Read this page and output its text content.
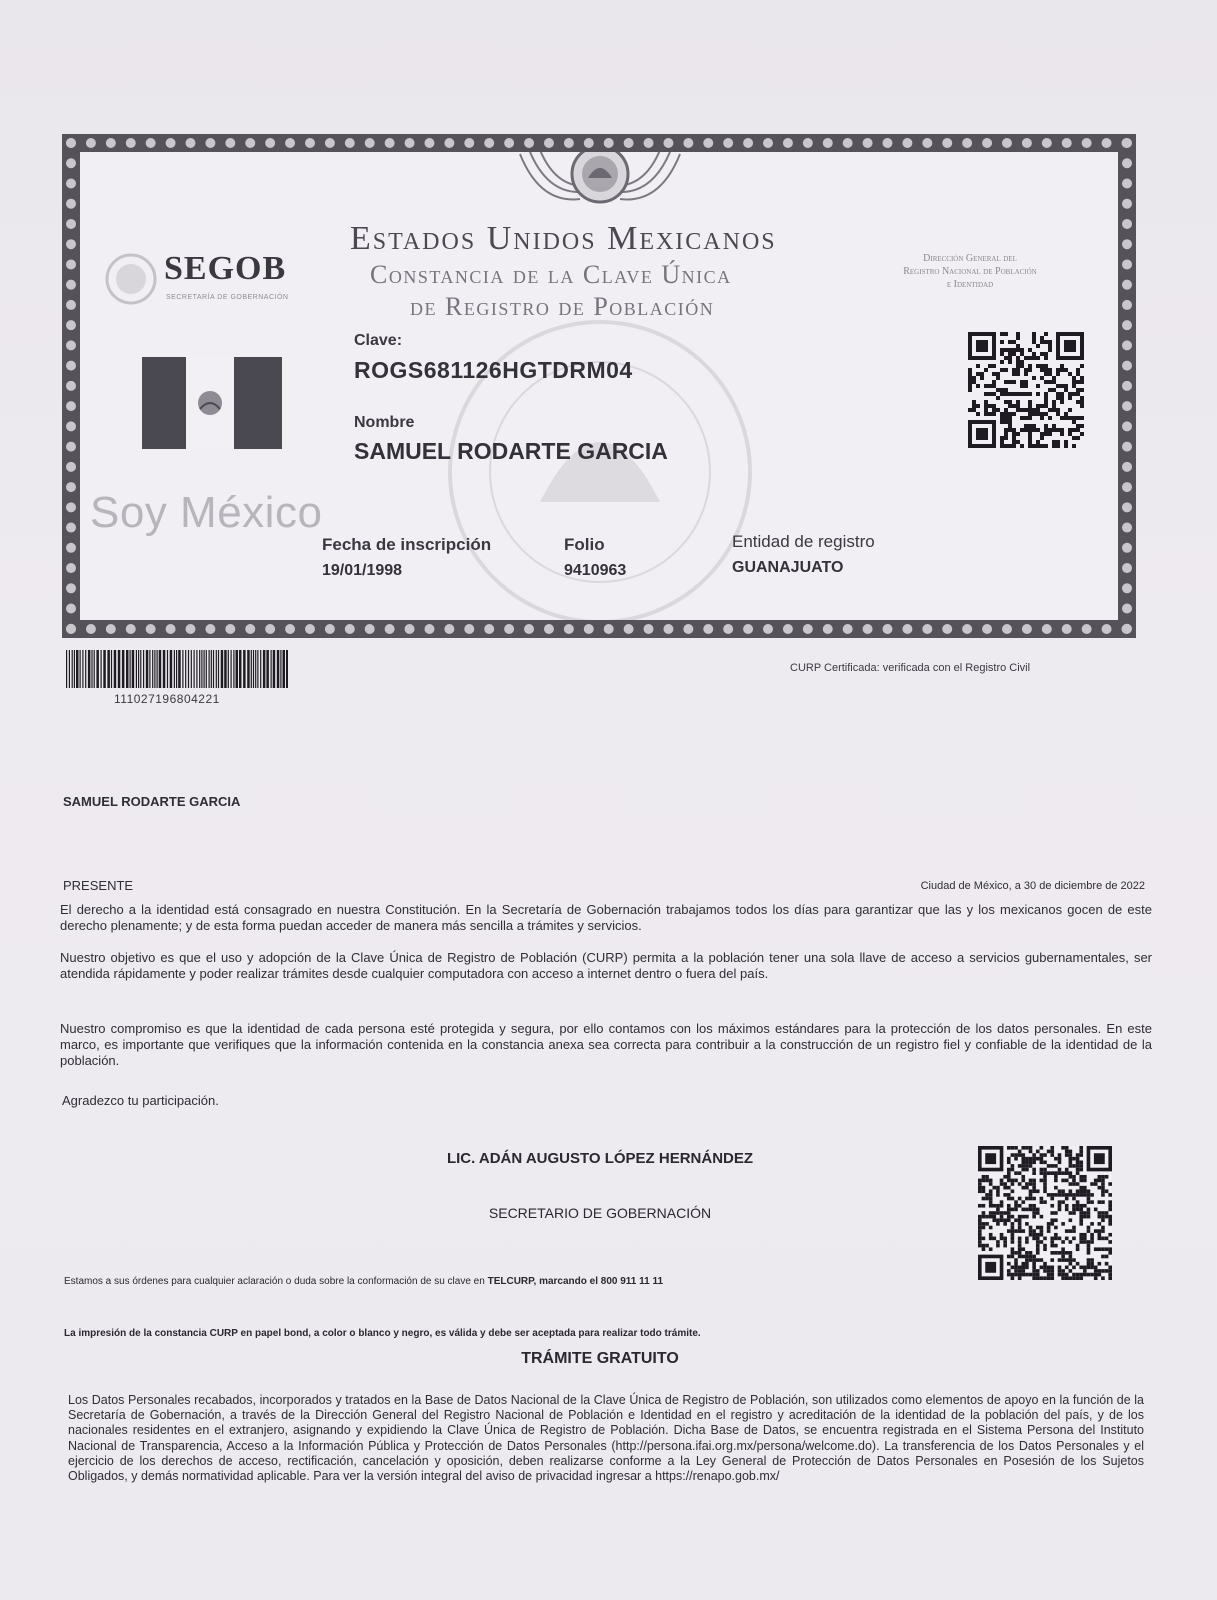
Estados Unidos Mexicanos
Constancia de la Clave Única
de Registro de Población
SEGOB
SECRETARÍA DE GOBERNACIÓN
Dirección General del
Registro Nacional de Población
e Identidad
Soy México
Clave:
ROGS681126HGTDRM04
Nombre
SAMUEL RODARTE GARCIA
Fecha de inscripción
19/01/1998
Folio
9410963
Entidad de registro
GUANAJUATO
111027196804221
CURP Certificada: verificada con el Registro Civil
SAMUEL RODARTE GARCIA
PRESENTE	Ciudad de México, a 30 de diciembre de 2022
El derecho a la identidad está consagrado en nuestra Constitución. En la Secretaría de Gobernación trabajamos todos los días para garantizar que las y los mexicanos gocen de este derecho plenamente; y de esta forma puedan acceder de manera más sencilla a trámites y servicios.
Nuestro objetivo es que el uso y adopción de la Clave Única de Registro de Población (CURP) permita a la población tener una sola llave de acceso a servicios gubernamentales, ser atendida rápidamente y poder realizar trámites desde cualquier computadora con acceso a internet dentro o fuera del país.
Nuestro compromiso es que la identidad de cada persona esté protegida y segura, por ello contamos con los máximos estándares para la protección de los datos personales. En este marco, es importante que verifiques que la información contenida en la constancia anexa sea correcta para contribuir a la construcción de un registro fiel y confiable de la identidad de la población.
Agradezco tu participación.
LIC. ADÁN AUGUSTO LÓPEZ HERNÁNDEZ
SECRETARIO DE GOBERNACIÓN
Estamos a sus órdenes para cualquier aclaración o duda sobre la conformación de su clave en TELCURP, marcando el 800 911 11 11
La impresión de la constancia CURP en papel bond, a color o blanco y negro, es válida y debe ser aceptada para realizar todo trámite.
TRÁMITE GRATUITO
Los Datos Personales recabados, incorporados y tratados en la Base de Datos Nacional de la Clave Única de Registro de Población, son utilizados como elementos de apoyo en la función de la Secretaría de Gobernación, a través de la Dirección General del Registro Nacional de Población e Identidad en el registro y acreditación de la identidad de la población del país, y de los nacionales residentes en el extranjero, asignando y expidiendo la Clave Única de Registro de Población. Dicha Base de Datos, se encuentra registrada en el Sistema Persona del Instituto Nacional de Transparencia, Acceso a la Información Pública y Protección de Datos Personales (http://persona.ifai.org.mx/persona/welcome.do). La transferencia de los Datos Personales y el ejercicio de los derechos de acceso, rectificación, cancelación y oposición, deben realizarse conforme a la Ley General de Protección de Datos Personales en Posesión de los Sujetos Obligados, y demás normatividad aplicable. Para ver la versión integral del aviso de privacidad ingresar a https://renapo.gob.mx/
